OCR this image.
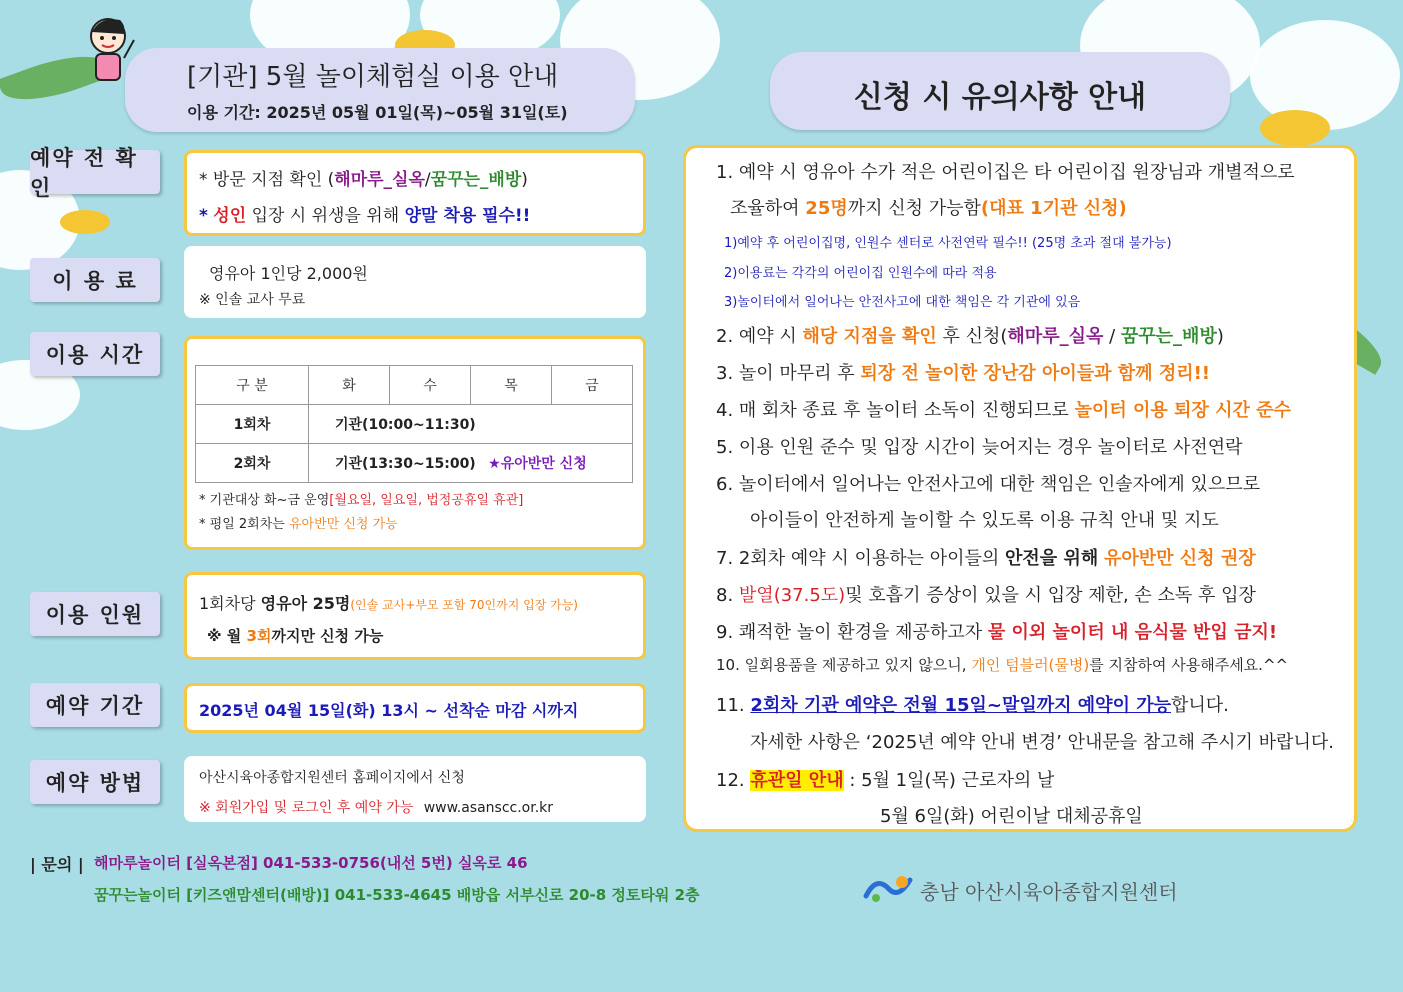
[기관] 5월 놀이체험실 이용 안내
이용 기간: 2025년 05월 01일(목)~05월 31일(토)	신청 시 유의사항 안내
예약 전 확인	* 방문 지점 확인 (해마루_실옥/꿈꾸는_배방)
* 성인 입장 시 위생을 위해 양말 착용 필수!!
이 용 료	영유아 1인당 2,000원
※ 인솔 교사 무료
이용 시간
구 분	화	수	목	금
1회차	기관(10:00~11:30)			
2회차	기관(13:30~15:00) ★유아반만 신청			
* 기관대상 화~금 운영[월요일, 일요일, 법정공휴일 휴관]
* 평일 2회차는 유아반만 신청 가능
이용 인원	1회차당 영유아 25명(인솔 교사+부모 포함 70인까지 입장 가능)
※ 월 3회까지만 신청 가능
예약 기간	2025년 04월 15일(화) 13시 ~ 선착순 마감 시까지
예약 방법	아산시육아종합지원센터 홈페이지에서 신청
※ 회원가입 및 로그인 후 예약 가능 www.asanscc.or.kr
1. 예약 시 영유아 수가 적은 어린이집은 타 어린이집 원장님과 개별적으로
조율하여 25명까지 신청 가능함(대표 1기관 신청)
1)예약 후 어린이집명, 인원수 센터로 사전연락 필수!! (25명 초과 절대 불가능)
2)이용료는 각각의 어린이집 인원수에 따라 적용
3)놀이터에서 일어나는 안전사고에 대한 책임은 각 기관에 있음
2. 예약 시 해당 지점을 확인 후 신청(해마루_실옥 / 꿈꾸는_배방)
3. 놀이 마무리 후 퇴장 전 놀이한 장난감 아이들과 함께 정리!!
4. 매 회차 종료 후 놀이터 소독이 진행되므로 놀이터 이용 퇴장 시간 준수
5. 이용 인원 준수 및 입장 시간이 늦어지는 경우 놀이터로 사전연락
6. 놀이터에서 일어나는 안전사고에 대한 책임은 인솔자에게 있으므로
아이들이 안전하게 놀이할 수 있도록 이용 규칙 안내 및 지도
7. 2회차 예약 시 이용하는 아이들의 안전을 위해 유아반만 신청 권장
8. 발열(37.5도)및 호흡기 증상이 있을 시 입장 제한, 손 소독 후 입장
9. 쾌적한 놀이 환경을 제공하고자 물 이외 놀이터 내 음식물 반입 금지!
10. 일회용품을 제공하고 있지 않으니, 개인 텀블러(물병)를 지참하여 사용해주세요.^^
11. 2회차 기관 예약은 전월 15일~말일까지 예약이 가능합니다.
자세한 사항은 ‘2025년 예약 안내 변경’ 안내문을 참고해 주시기 바랍니다.
12. 휴관일 안내 : 5월 1일(목) 근로자의 날
5월 6일(화) 어린이날 대체공휴일
| 문의 | 해마루놀이터 [실옥본점] 041-533-0756(내선 5번) 실옥로 46
꿈꾸는놀이터 [키즈앤맘센터(배방)] 041-533-4645 배방읍 서부신로 20-8 정토타워 2층	충남 아산시육아종합지원센터
